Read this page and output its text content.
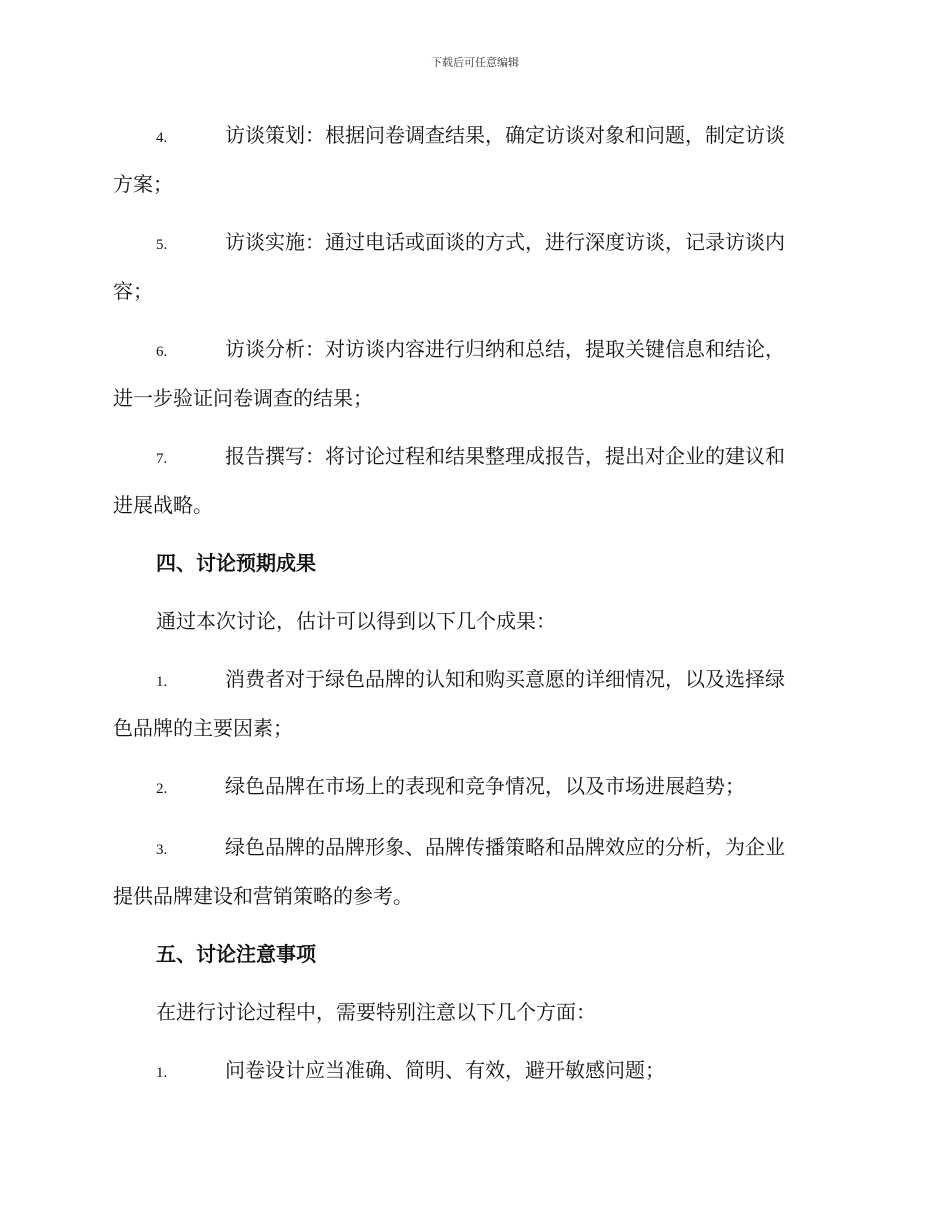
下载后可任意编辑
4.	访谈策划：根据问卷调查结果，确定访谈对象和问题，制定访谈
方案；
5.	访谈实施：通过电话或面谈的方式，进行深度访谈，记录访谈内
容；
6.	访谈分析：对访谈内容进行归纳和总结，提取关键信息和结论，
进一步验证问卷调查的结果；
7.	报告撰写：将讨论过程和结果整理成报告，提出对企业的建议和
进展战略。
四、讨论预期成果
通过本次讨论，估计可以得到以下几个成果：
1.	消费者对于绿色品牌的认知和购买意愿的详细情况，以及选择绿
色品牌的主要因素；
2.	绿色品牌在市场上的表现和竞争情况，以及市场进展趋势；
3.	绿色品牌的品牌形象、品牌传播策略和品牌效应的分析，为企业
提供品牌建设和营销策略的参考。
五、讨论注意事项
在进行讨论过程中，需要特别注意以下几个方面：
1.	问卷设计应当准确、简明、有效，避开敏感问题；
